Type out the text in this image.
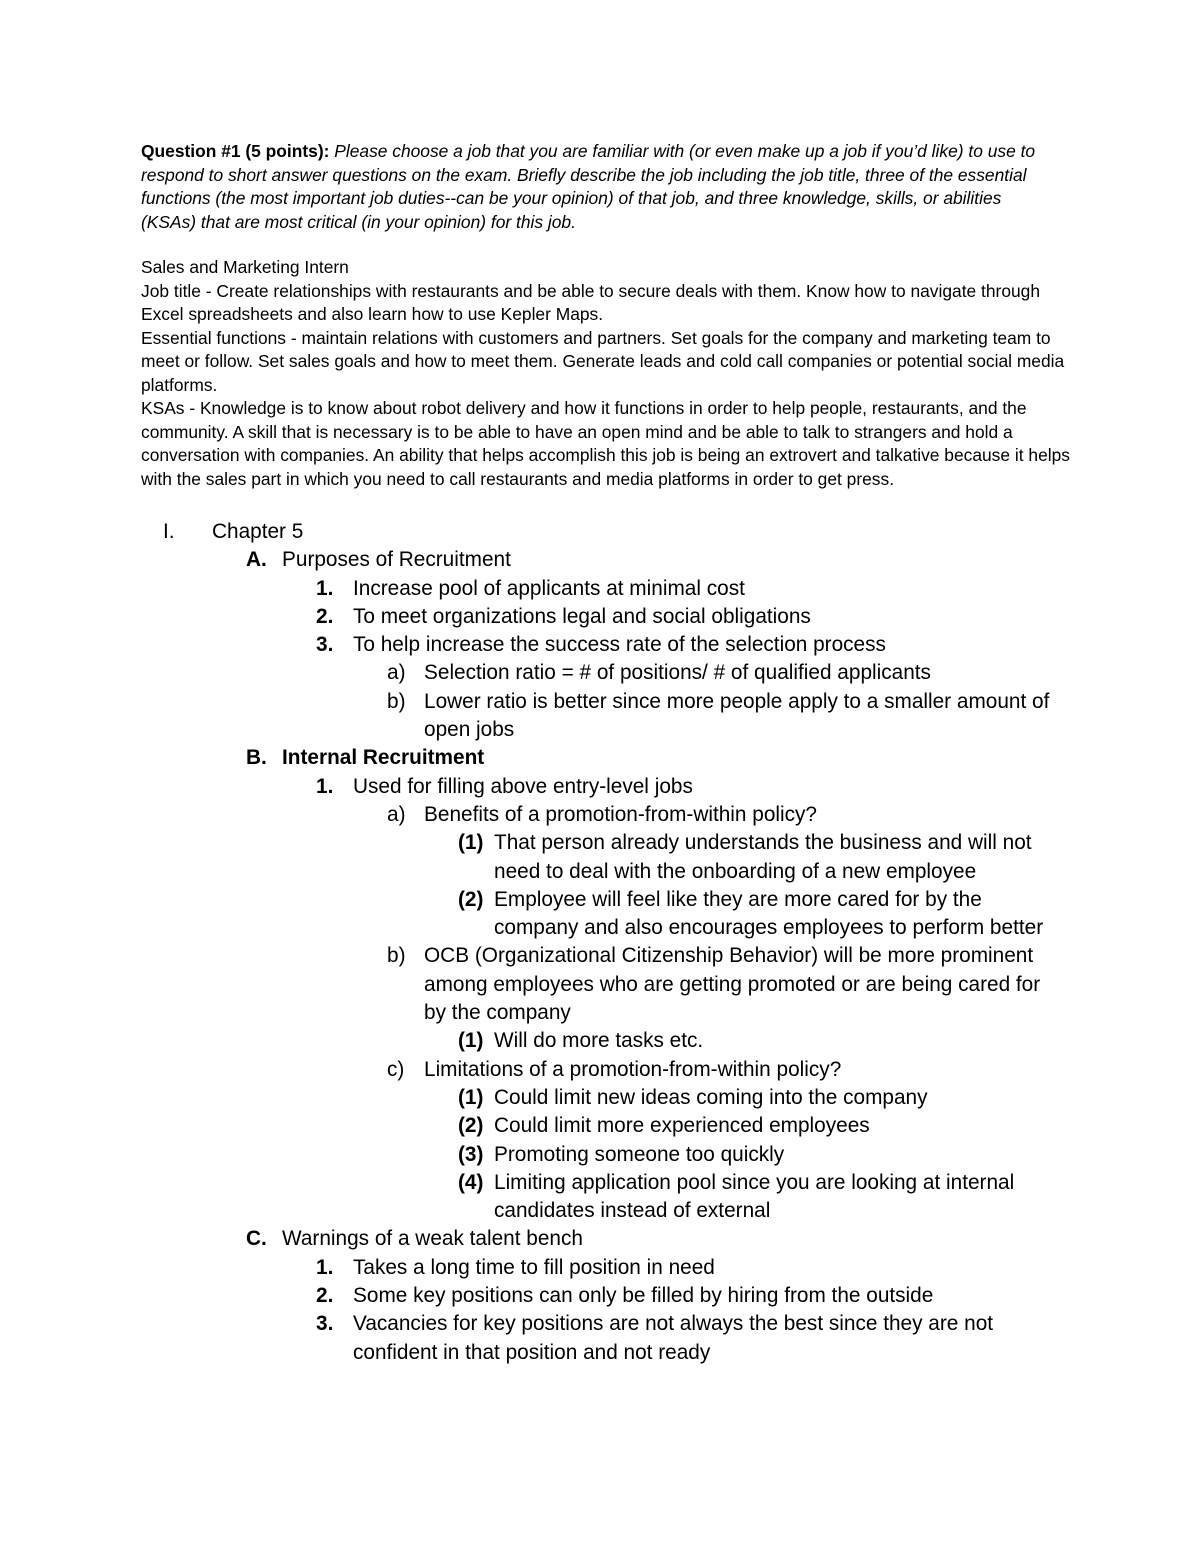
Question #1 (5 points): Please choose a job that you are familiar with (or even make up a job if you’d like) to use to respond to short answer questions on the exam. Briefly describe the job including the job title, three of the essential functions (the most important job duties--can be your opinion) of that job, and three knowledge, skills, or abilities (KSAs) that are most critical (in your opinion) for this job.

Sales and Marketing Intern

Job title - Create relationships with restaurants and be able to secure deals with them. Know how to navigate through Excel spreadsheets and also learn how to use Kepler Maps.

Essential functions - maintain relations with customers and partners. Set goals for the company and marketing team to meet or follow. Set sales goals and how to meet them. Generate leads and cold call companies or potential social media platforms.

KSAs - Knowledge is to know about robot delivery and how it functions in order to help people, restaurants, and the community. A skill that is necessary is to be able to have an open mind and be able to talk to strangers and hold a conversation with companies. An ability that helps accomplish this job is being an extrovert and talkative because it helps with the sales part in which you need to call restaurants and media platforms in order to get press.

I. Chapter 5
A. Purposes of Recruitment
1. Increase pool of applicants at minimal cost
2. To meet organizations legal and social obligations
3. To help increase the success rate of the selection process
a) Selection ratio = # of positions/ # of qualified applicants
b) Lower ratio is better since more people apply to a smaller amount of open jobs
B. Internal Recruitment
1. Used for filling above entry-level jobs
a) Benefits of a promotion-from-within policy?
(1) That person already understands the business and will not need to deal with the onboarding of a new employee
(2) Employee will feel like they are more cared for by the company and also encourages employees to perform better
b) OCB (Organizational Citizenship Behavior) will be more prominent among employees who are getting promoted or are being cared for by the company
(1) Will do more tasks etc.
c) Limitations of a promotion-from-within policy?
(1) Could limit new ideas coming into the company
(2) Could limit more experienced employees
(3) Promoting someone too quickly
(4) Limiting application pool since you are looking at internal candidates instead of external
C. Warnings of a weak talent bench
1. Takes a long time to fill position in need
2. Some key positions can only be filled by hiring from the outside
3. Vacancies for key positions are not always the best since they are not confident in that position and not ready
